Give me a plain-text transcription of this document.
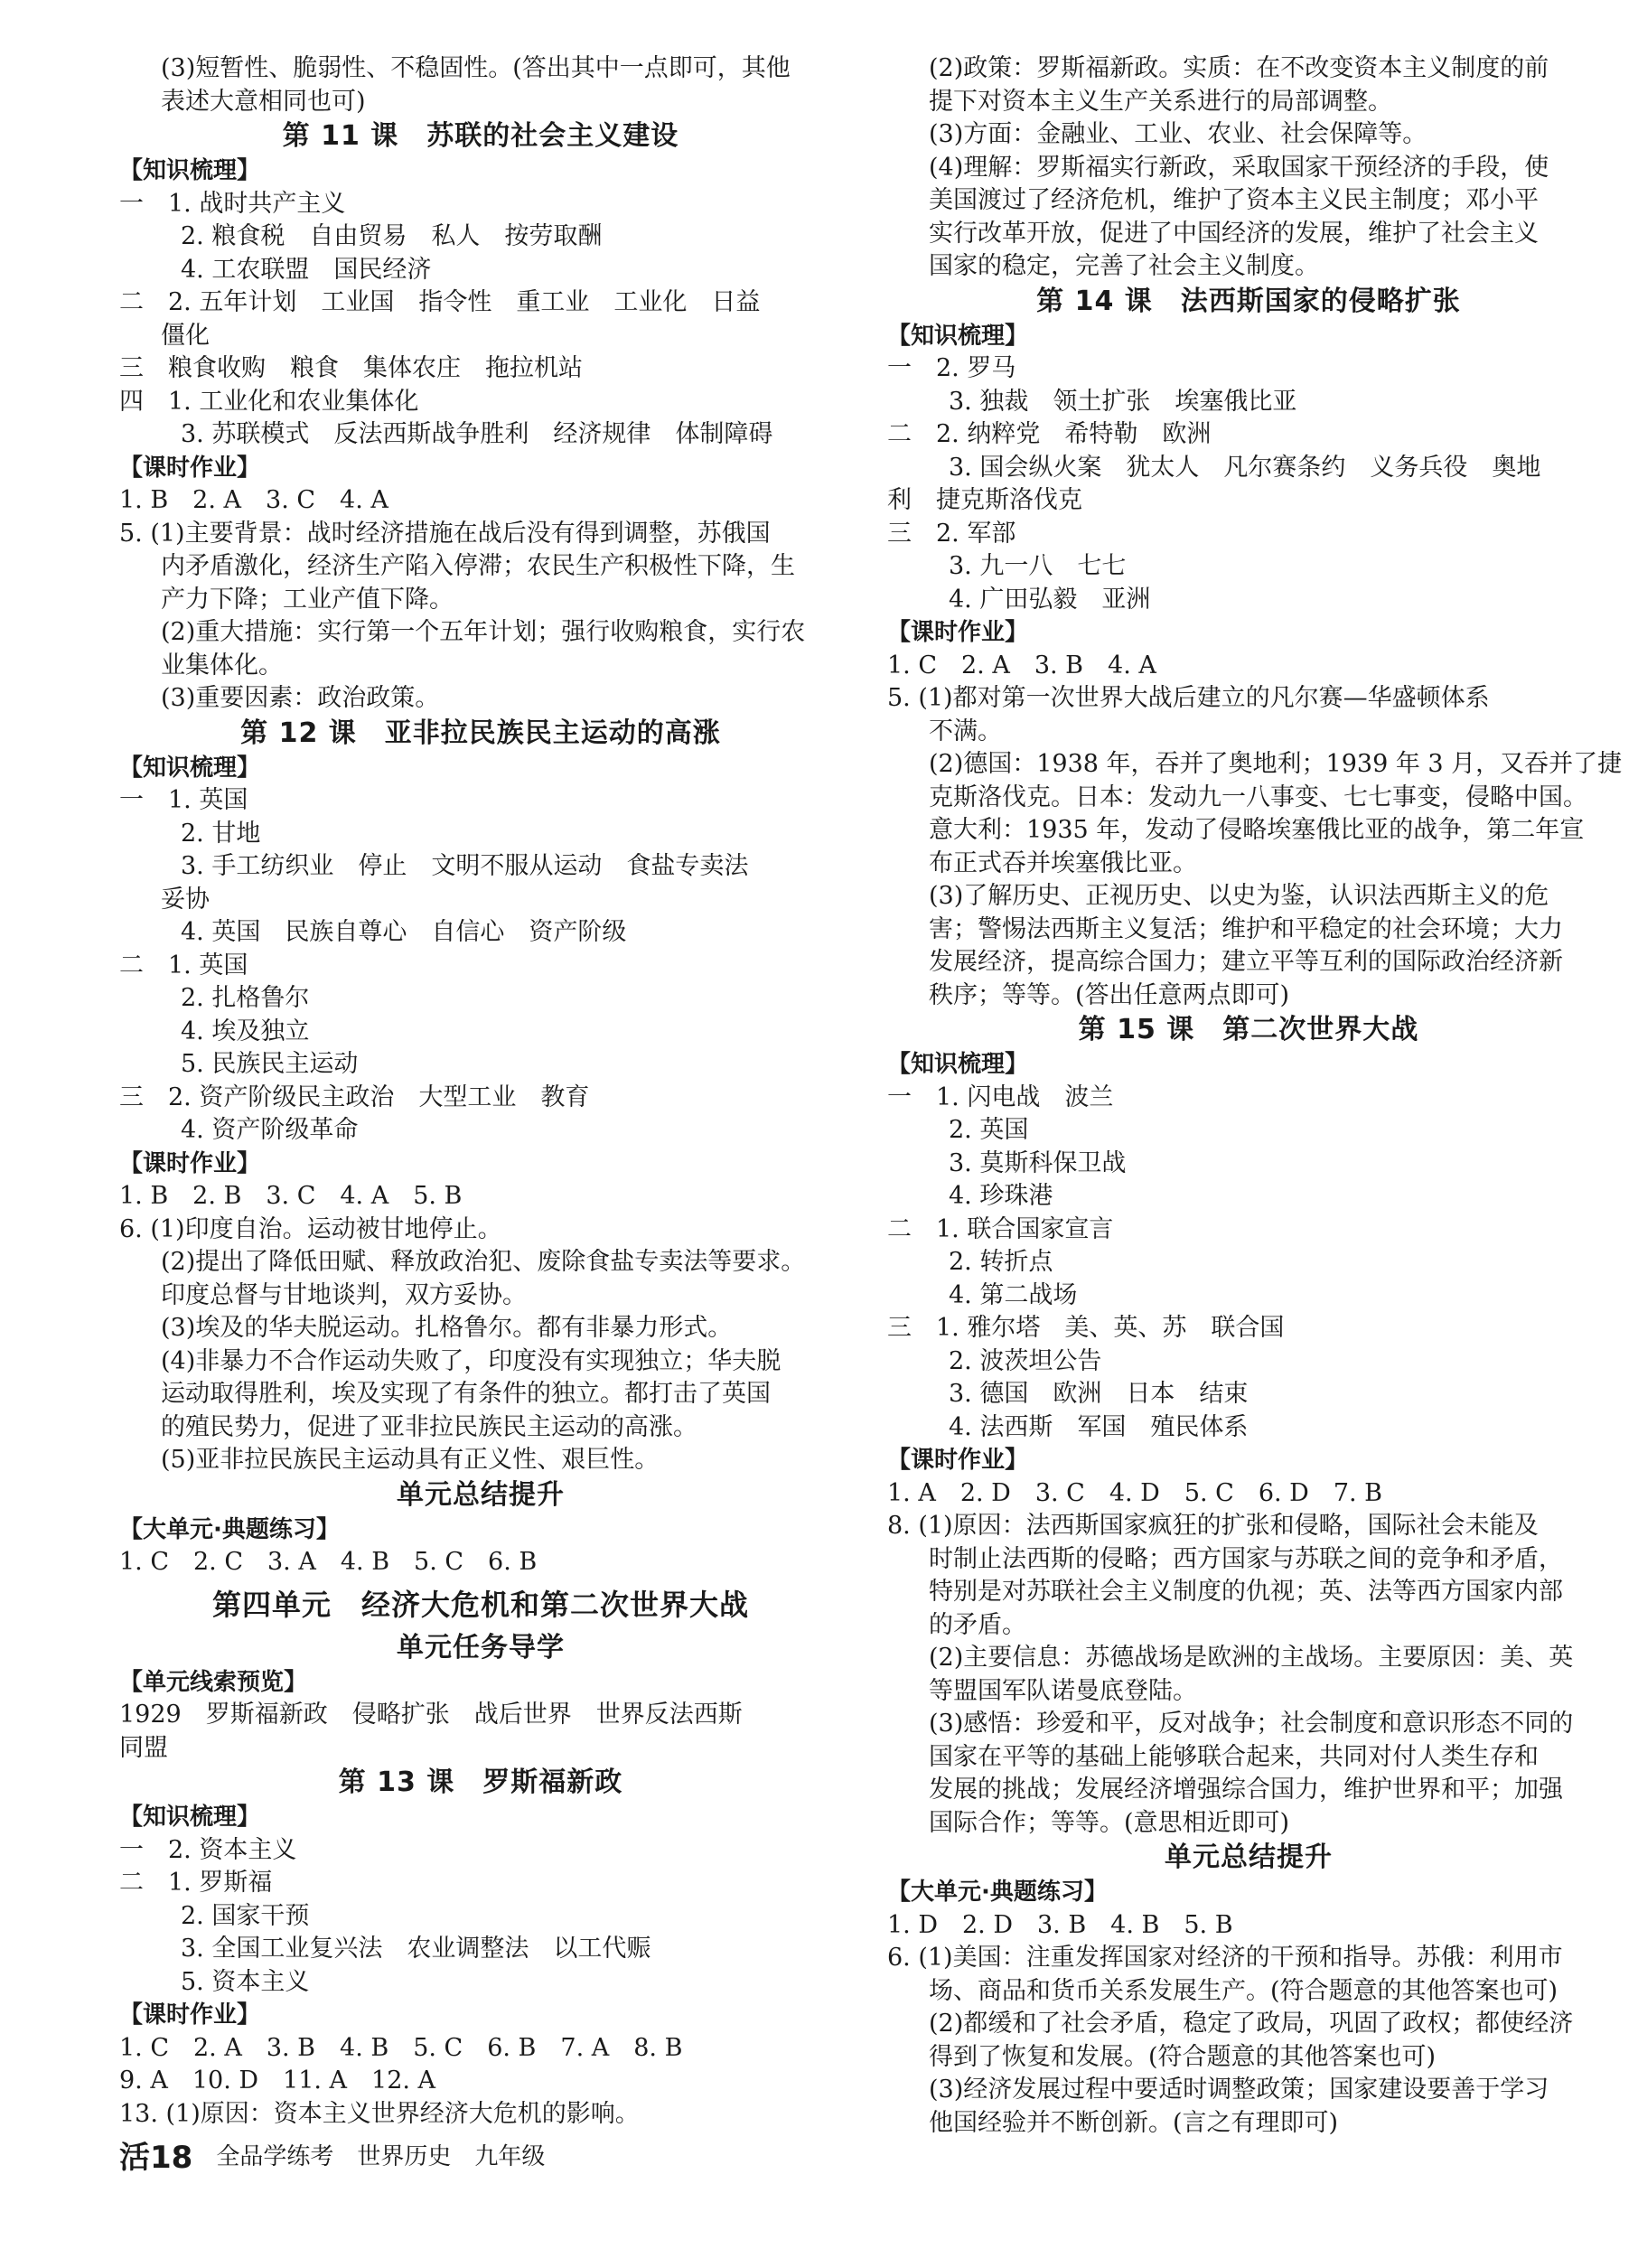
(3)短暂性、脆弱性、不稳固性。(答出其中一点即可，其他
表述大意相同也可)
第 11 课　苏联的社会主义建设
【知识梳理】
一　1. 战时共产主义
2. 粮食税　自由贸易　私人　按劳取酬
4. 工农联盟　国民经济
二　2. 五年计划　工业国　指令性　重工业　工业化　日益
僵化
三　粮食收购　粮食　集体农庄　拖拉机站
四　1. 工业化和农业集体化
3. 苏联模式　反法西斯战争胜利　经济规律　体制障碍
【课时作业】
1. B　2. A　3. C　4. A
5. (1)主要背景：战时经济措施在战后没有得到调整，苏俄国
内矛盾激化，经济生产陷入停滞；农民生产积极性下降，生
产力下降；工业产值下降。
(2)重大措施：实行第一个五年计划；强行收购粮食，实行农
业集体化。
(3)重要因素：政治政策。
第 12 课　亚非拉民族民主运动的高涨
【知识梳理】
一　1. 英国
2. 甘地
3. 手工纺织业　停止　文明不服从运动　食盐专卖法
妥协
4. 英国　民族自尊心　自信心　资产阶级
二　1. 英国
2. 扎格鲁尔
4. 埃及独立
5. 民族民主运动
三　2. 资产阶级民主政治　大型工业　教育
4. 资产阶级革命
【课时作业】
1. B　2. B　3. C　4. A　5. B
6. (1)印度自治。运动被甘地停止。
(2)提出了降低田赋、释放政治犯、废除食盐专卖法等要求。
印度总督与甘地谈判，双方妥协。
(3)埃及的华夫脱运动。扎格鲁尔。都有非暴力形式。
(4)非暴力不合作运动失败了，印度没有实现独立；华夫脱
运动取得胜利，埃及实现了有条件的独立。都打击了英国
的殖民势力，促进了亚非拉民族民主运动的高涨。
(5)亚非拉民族民主运动具有正义性、艰巨性。
单元总结提升
【大单元·典题练习】
1. C　2. C　3. A　4. B　5. C　6. B
第四单元　经济大危机和第二次世界大战
单元任务导学
【单元线索预览】
1929　罗斯福新政　侵略扩张　战后世界　世界反法西斯
同盟
第 13 课　罗斯福新政
【知识梳理】
一　2. 资本主义
二　1. 罗斯福
2. 国家干预
3. 全国工业复兴法　农业调整法　以工代赈
5. 资本主义
【课时作业】
1. C　2. A　3. B　4. B　5. C　6. B　7. A　8. B
9. A　10. D　11. A　12. A
13. (1)原因：资本主义世界经济大危机的影响。
(2)政策：罗斯福新政。实质：在不改变资本主义制度的前
提下对资本主义生产关系进行的局部调整。
(3)方面：金融业、工业、农业、社会保障等。
(4)理解：罗斯福实行新政，采取国家干预经济的手段，使
美国渡过了经济危机，维护了资本主义民主制度；邓小平
实行改革开放，促进了中国经济的发展，维护了社会主义
国家的稳定，完善了社会主义制度。
第 14 课　法西斯国家的侵略扩张
【知识梳理】
一　2. 罗马
3. 独裁　领土扩张　埃塞俄比亚
二　2. 纳粹党　希特勒　欧洲
3. 国会纵火案　犹太人　凡尔赛条约　义务兵役　奥地
利　捷克斯洛伐克
三　2. 军部
3. 九一八　七七
4. 广田弘毅　亚洲
【课时作业】
1. C　2. A　3. B　4. A
5. (1)都对第一次世界大战后建立的凡尔赛—华盛顿体系
不满。
(2)德国：1938 年，吞并了奥地利；1939 年 3 月，又吞并了捷
克斯洛伐克。日本：发动九一八事变、七七事变，侵略中国。
意大利：1935 年，发动了侵略埃塞俄比亚的战争，第二年宣
布正式吞并埃塞俄比亚。
(3)了解历史、正视历史、以史为鉴，认识法西斯主义的危
害；警惕法西斯主义复活；维护和平稳定的社会环境；大力
发展经济，提高综合国力；建立平等互利的国际政治经济新
秩序；等等。(答出任意两点即可)
第 15 课　第二次世界大战
【知识梳理】
一　1. 闪电战　波兰
2. 英国
3. 莫斯科保卫战
4. 珍珠港
二　1. 联合国家宣言
2. 转折点
4. 第二战场
三　1. 雅尔塔　美、英、苏　联合国
2. 波茨坦公告
3. 德国　欧洲　日本　结束
4. 法西斯　军国　殖民体系
【课时作业】
1. A　2. D　3. C　4. D　5. C　6. D　7. B
8. (1)原因：法西斯国家疯狂的扩张和侵略，国际社会未能及
时制止法西斯的侵略；西方国家与苏联之间的竞争和矛盾，
特别是对苏联社会主义制度的仇视；英、法等西方国家内部
的矛盾。
(2)主要信息：苏德战场是欧洲的主战场。主要原因：美、英
等盟国军队诺曼底登陆。
(3)感悟：珍爱和平，反对战争；社会制度和意识形态不同的
国家在平等的基础上能够联合起来，共同对付人类生存和
发展的挑战；发展经济增强综合国力，维护世界和平；加强
国际合作；等等。(意思相近即可)
单元总结提升
【大单元·典题练习】
1. D　2. D　3. B　4. B　5. B
6. (1)美国：注重发挥国家对经济的干预和指导。苏俄：利用市
场、商品和货币关系发展生产。(符合题意的其他答案也可)
(2)都缓和了社会矛盾，稳定了政局，巩固了政权；都使经济
得到了恢复和发展。(符合题意的其他答案也可)
(3)经济发展过程中要适时调整政策；国家建设要善于学习
他国经验并不断创新。(言之有理即可)
活18 全品学练考 世界历史 九年级
